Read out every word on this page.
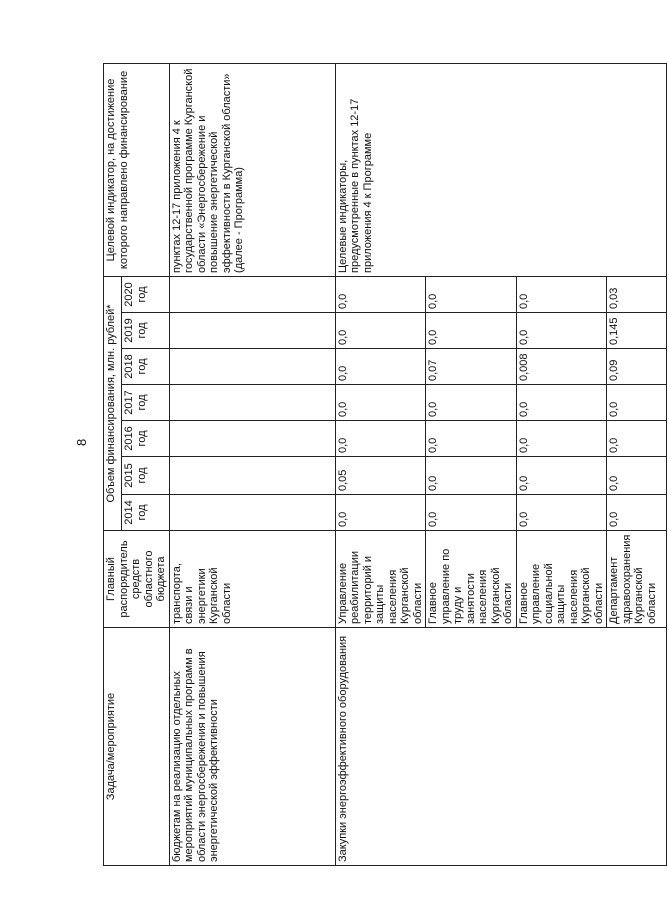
8
Задача/мероприятие	Главный распорядитель средств областного бюджета	Объем финансирования, млн. рублей*							Целевой индикатор, на достижение которого направлено финансирование
		2014 год	2015 год	2016 год	2017 год	2018 год	2019 год	2020 год	
бюджетам на реализацию отдельных мероприятий муниципальных программ в области энергосбережения и повышения энергетической эффективности	транспорта, связи и энергетики Курганской области								пунктах 12-17 приложения 4 к государственной программе Курганской области «Энергосбережение и повышение энергетической эффективности в Курганской области» (далее - Программа)
Закупки энергоэффективного оборудования	Управление реабилитации территорий и защиты населения Курганской области	0,0	0,05	0,0	0,0	0,0	0,0	0,0	Целевые индикаторы, предусмотренные в пунктах 12-17 приложения 4 к Программе
	Главное управление по труду и занятости населения Курганской области	0,0	0,0	0,0	0,0	0,07	0,0	0,0	
	Главное управление социальной защиты населения Курганской области	0,0	0,0	0,0	0,0	0,008	0,0	0,0	
	Департамент здравоохранения Курганской области	0,0	0,0	0,0	0,0	0,09	0,145	0,03	
